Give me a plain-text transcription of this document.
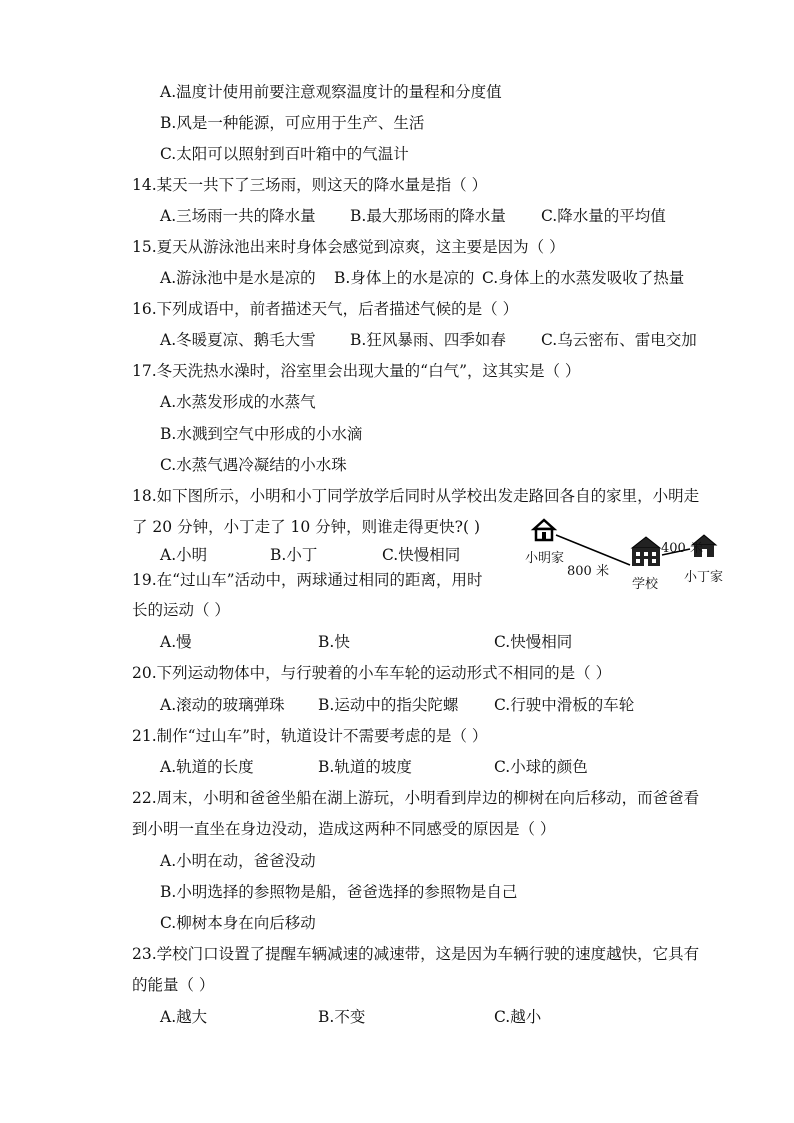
A.温度计使用前要注意观察温度计的量程和分度值
B.风是一种能源，可应用于生产、生活
C.太阳可以照射到百叶箱中的气温计
14.某天一共下了三场雨，则这天的降水量是指（ ）
A.三场雨一共的降水量 B.最大那场雨的降水量 C.降水量的平均值
15.夏天从游泳池出来时身体会感觉到凉爽，这主要是因为（ ）
A.游泳池中是水是凉的 B.身体上的水是凉的 C.身体上的水蒸发吸收了热量
16.下列成语中，前者描述天气，后者描述气候的是（ ）
A.冬暖夏凉、鹅毛大雪 B.狂风暴雨、四季如春 C.乌云密布、雷电交加
17.冬天洗热水澡时，浴室里会出现大量的“白气”，这其实是（ ）
A.水蒸发形成的水蒸气
B.水溅到空气中形成的小水滴
C.水蒸气遇冷凝结的小水珠
18.如下图所示，小明和小丁同学放学后同时从学校出发走路回各自的家里，小明走
了 20 分钟，小丁走了 10 分钟，则谁走得更快?( )
A.小明	B.小丁	C.快慢相同	小明家
800 米
学校
400 米
小丁家
19.在“过山车”活动中，两球通过相同的距离，用时
长的运动（ ）
A.慢	B.快	C.快慢相同
20.下列运动物体中，与行驶着的小车车轮的运动形式不相同的是（ ）
A.滚动的玻璃弹珠 B.运动中的指尖陀螺 C.行驶中滑板的车轮
21.制作“过山车”时，轨道设计不需要考虑的是（ ）
A.轨道的长度	B.轨道的坡度	C.小球的颜色
22.周末，小明和爸爸坐船在湖上游玩，小明看到岸边的柳树在向后移动，而爸爸看
到小明一直坐在身边没动，造成这两种不同感受的原因是（ ）
A.小明在动，爸爸没动
B.小明选择的参照物是船，爸爸选择的参照物是自己
C.柳树本身在向后移动
23.学校门口设置了提醒车辆减速的减速带，这是因为车辆行驶的速度越快，它具有
的能量（ ）
A.越大	B.不变	C.越小
